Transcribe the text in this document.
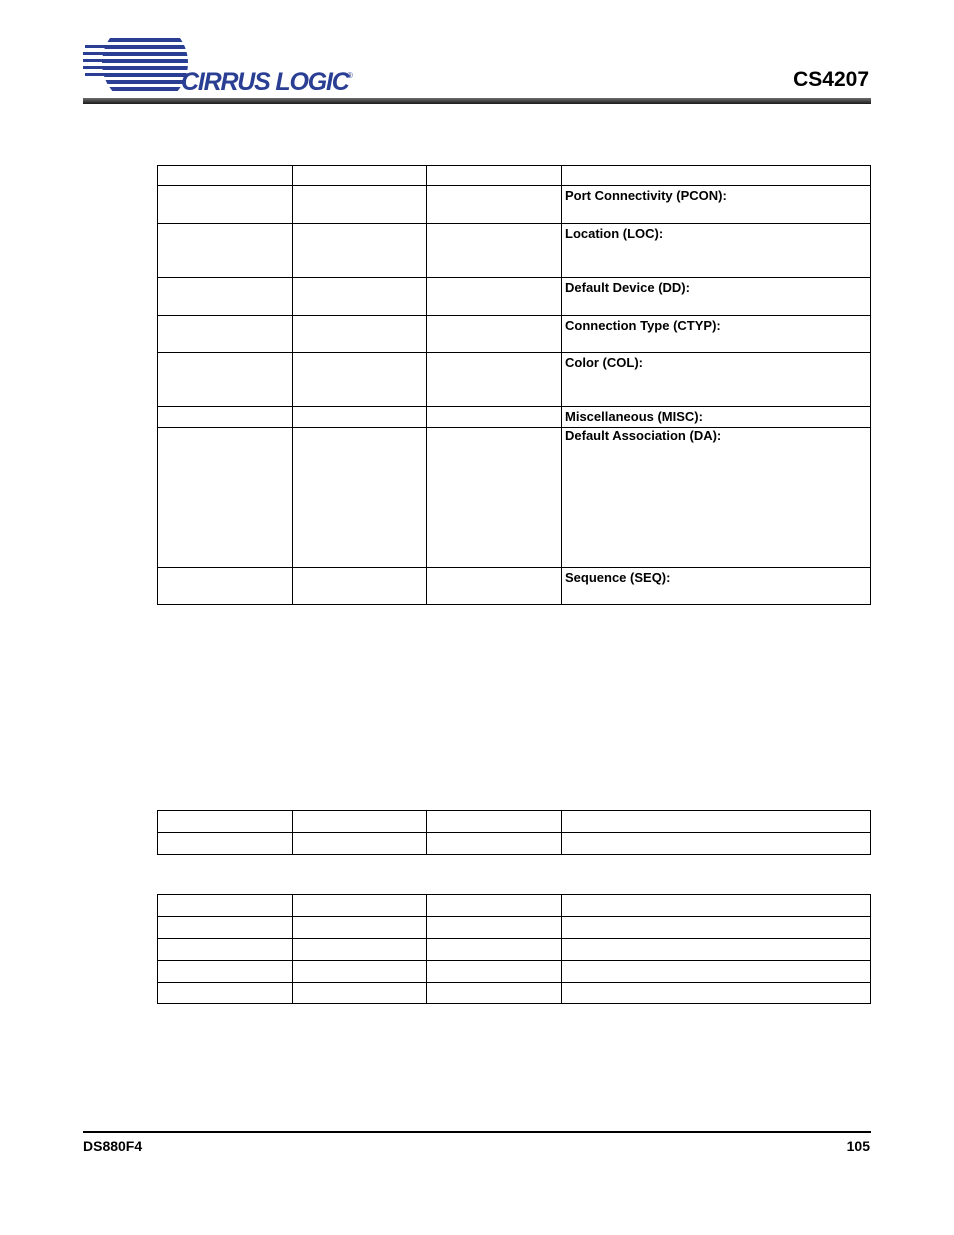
CIRRUS LOGIC
®	CS4207

			Port Connectivity (PCON):
			Location (LOC):
			Default Device (DD):
			Connection Type (CTYP):
			Color (COL):
			Miscellaneous (MISC):
			Default Association (DA):
			Sequence (SEQ):

DS880F4	105
